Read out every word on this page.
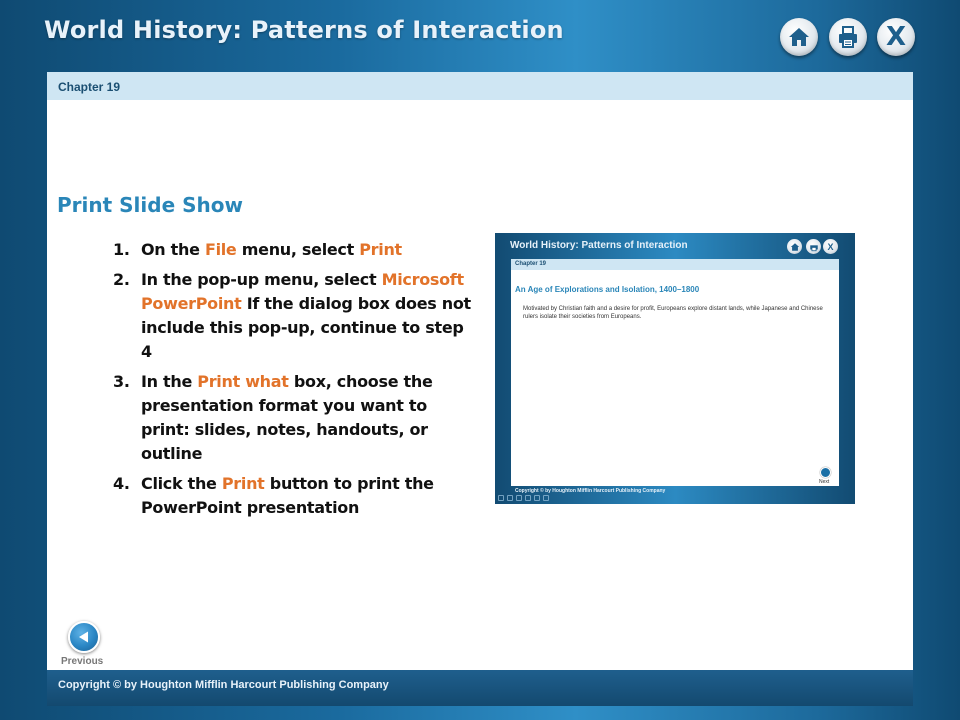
World History: Patterns of Interaction	X
Chapter 19
Print Slide Show
1. On the File menu, select Print
2. In the pop-up menu, select Microsoft PowerPoint If the dialog box does not include this pop-up, continue to step 4
3. In the Print what box, choose the presentation format you want to print: slides, notes, handouts, or outline
4. Click the Print button to print the PowerPoint presentation
World History: Patterns of Interaction	X
Chapter 19
An Age of Explorations and Isolation, 1400–1800
Motivated by Christian faith and a desire for profit, Europeans explore distant lands, while Japanese and Chinese rulers isolate their societies from Europeans.
Next
Copyright © by Houghton Mifflin Harcourt Publishing Company
Previous
Copyright © by Houghton Mifflin Harcourt Publishing Company
